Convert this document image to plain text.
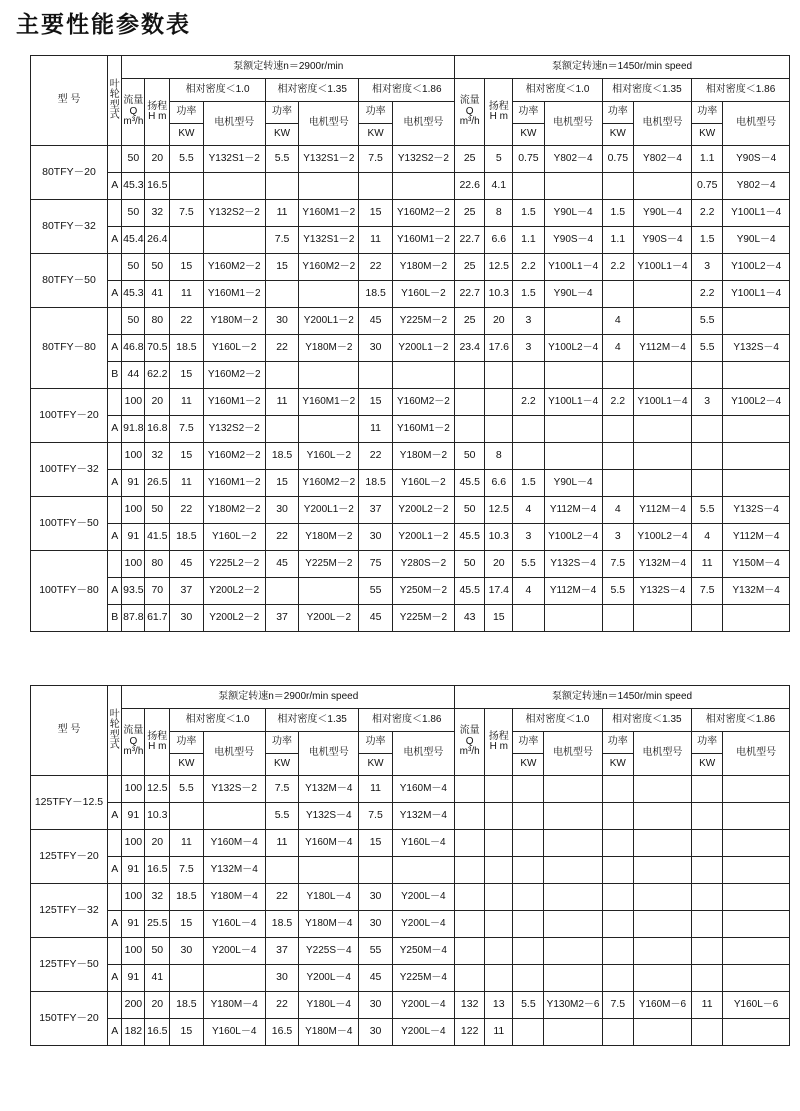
主要性能参数表
型 号	叶轮型式	泵额定转速n＝2900r/min								泵额定转速n＝1450r/min speed							
		流量 Q m³/h	扬程 H m	相对密度＜1.0		相对密度＜1.35		相对密度＜1.86		流量 Q m³/h	扬程 H m	相对密度＜1.0		相对密度＜1.35		相对密度＜1.86	
				功率	电机型号	功率	电机型号	功率	电机型号			功率	电机型号	功率	电机型号	功率	电机型号
				KW		KW		KW				KW		KW		KW	
80TFY－20		50	20	5.5	Y132S1－2	5.5	Y132S1－2	7.5	Y132S2－2	25	5	0.75	Y802－4	0.75	Y802－4	1.1	Y90S－4
	A	45.3	16.5							22.6	4.1					0.75	Y802－4
80TFY－32		50	32	7.5	Y132S2－2	11	Y160M1－2	15	Y160M2－2	25	8	1.5	Y90L－4	1.5	Y90L－4	2.2	Y100L1－4
	A	45.4	26.4			7.5	Y132S1－2	11	Y160M1－2	22.7	6.6	1.1	Y90S－4	1.1	Y90S－4	1.5	Y90L－4
80TFY－50		50	50	15	Y160M2－2	15	Y160M2－2	22	Y180M－2	25	12.5	2.2	Y100L1－4	2.2	Y100L1－4	3	Y100L2－4
	A	45.3	41	11	Y160M1－2			18.5	Y160L－2	22.7	10.3	1.5	Y90L－4			2.2	Y100L1－4
80TFY－80		50	80	22	Y180M－2	30	Y200L1－2	45	Y225M－2	25	20	3		4		5.5	
	A	46.8	70.5	18.5	Y160L－2	22	Y180M－2	30	Y200L1－2	23.4	17.6	3	Y100L2－4	4	Y112M－4	5.5	Y132S－4
	B	44	62.2	15	Y160M2－2												
100TFY－20		100	20	11	Y160M1－2	11	Y160M1－2	15	Y160M2－2			2.2	Y100L1－4	2.2	Y100L1－4	3	Y100L2－4
	A	91.8	16.8	7.5	Y132S2－2			11	Y160M1－2								
100TFY－32		100	32	15	Y160M2－2	18.5	Y160L－2	22	Y180M－2	50	8						
	A	91	26.5	11	Y160M1－2	15	Y160M2－2	18.5	Y160L－2	45.5	6.6	1.5	Y90L－4				
100TFY－50		100	50	22	Y180M2－2	30	Y200L1－2	37	Y200L2－2	50	12.5	4	Y112M－4	4	Y112M－4	5.5	Y132S－4
	A	91	41.5	18.5	Y160L－2	22	Y180M－2	30	Y200L1－2	45.5	10.3	3	Y100L2－4	3	Y100L2－4	4	Y112M－4
100TFY－80		100	80	45	Y225L2－2	45	Y225M－2	75	Y280S－2	50	20	5.5	Y132S－4	7.5	Y132M－4	11	Y150M－4
	A	93.5	70	37	Y200L2－2			55	Y250M－2	45.5	17.4	4	Y112M－4	5.5	Y132S－4	7.5	Y132M－4
	B	87.8	61.7	30	Y200L2－2	37	Y200L－2	45	Y225M－2	43	15						
型 号	叶轮型式	泵额定转速n＝2900r/min speed								泵额定转速n＝1450r/min speed							
		流量 Q m³/h	扬程 H m	相对密度＜1.0		相对密度＜1.35		相对密度＜1.86		流量 Q m³/h	扬程 H m	相对密度＜1.0		相对密度＜1.35		相对密度＜1.86	
				功率	电机型号	功率	电机型号	功率	电机型号			功率	电机型号	功率	电机型号	功率	电机型号
				KW		KW		KW				KW		KW		KW	
125TFY－12.5		100	12.5	5.5	Y132S－2	7.5	Y132M－4	11	Y160M－4								
	A	91	10.3			5.5	Y132S－4	7.5	Y132M－4								
125TFY－20		100	20	11	Y160M－4	11	Y160M－4	15	Y160L－4								
	A	91	16.5	7.5	Y132M－4												
125TFY－32		100	32	18.5	Y180M－4	22	Y180L－4	30	Y200L－4								
	A	91	25.5	15	Y160L－4	18.5	Y180M－4	30	Y200L－4								
125TFY－50		100	50	30	Y200L－4	37	Y225S－4	55	Y250M－4								
	A	91	41			30	Y200L－4	45	Y225M－4								
150TFY－20		200	20	18.5	Y180M－4	22	Y180L－4	30	Y200L－4	132	13	5.5	Y130M2－6	7.5	Y160M－6	11	Y160L－6
	A	182	16.5	15	Y160L－4	16.5	Y180M－4	30	Y200L－4	122	11						
